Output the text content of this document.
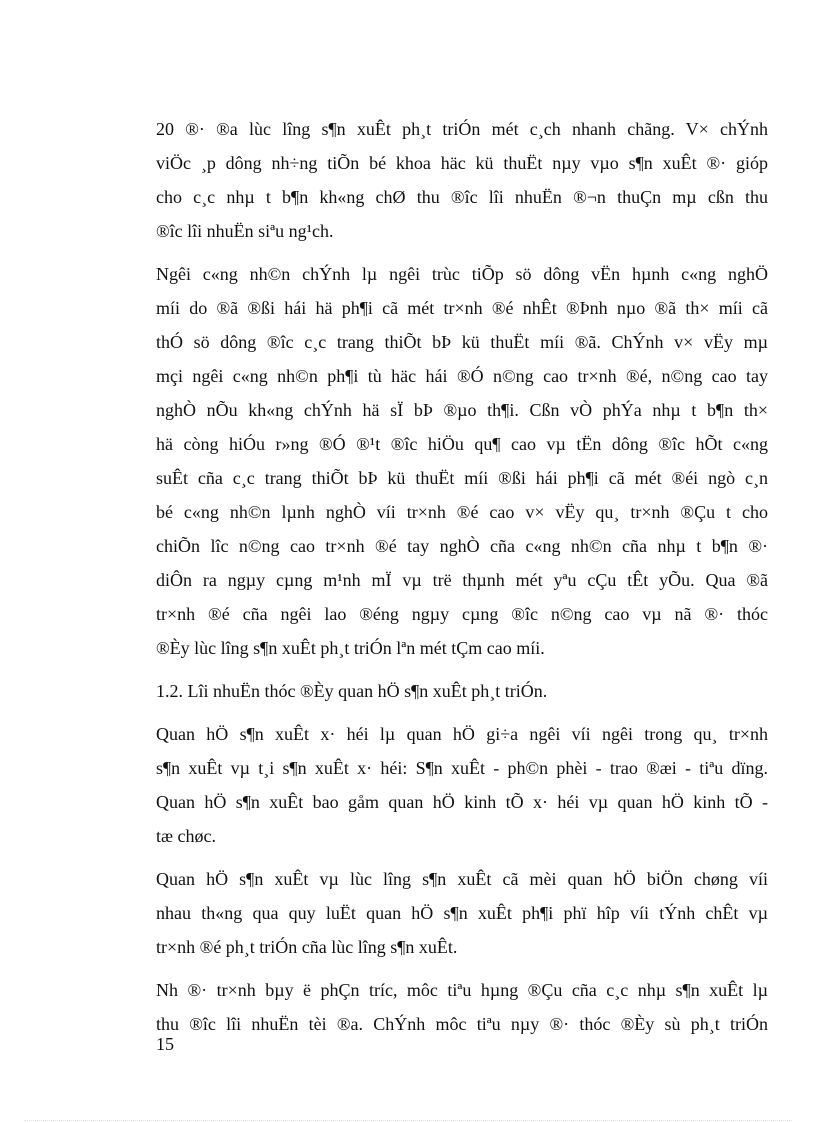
20 ®· ®a lùc lîng s¶n xuÊt ph¸t triÓn mét c¸ch nhanh chãng. V× chÝnh
viÖc ¸p dông nh÷ng tiÕn bé khoa häc kü thuËt nµy vµo s¶n xuÊt ®· gióp
cho c¸c nhµ t b¶n kh«ng chØ thu ®îc lîi nhuËn ®¬n thuÇn mµ cßn thu
®îc lîi nhuËn siªu ng¹ch.
Ngêi c«ng nh©n chÝnh lµ ngêi trùc tiÕp sö dông vËn hµnh c«ng nghÖ
míi do ®ã ®ßi hái hä ph¶i cã mét tr×nh ®é nhÊt ®Þnh nµo ®ã th× míi cã
thÓ sö dông ®îc c¸c trang thiÕt bÞ kü thuËt míi ®ã. ChÝnh v× vËy mµ
mçi ngêi c«ng nh©n ph¶i tù häc hái ®Ó n©ng cao tr×nh ®é, n©ng cao tay
nghÒ nÕu kh«ng chÝnh hä sÏ bÞ ®µo th¶i. Cßn vÒ phÝa nhµ t b¶n th×
hä còng hiÓu r»ng ®Ó ®¹t ®îc hiÖu qu¶ cao vµ tËn dông ®îc hÕt c«ng
suÊt cña c¸c trang thiÕt bÞ kü thuËt míi ®ßi hái ph¶i cã mét ®éi ngò c¸n
bé c«ng nh©n lµnh nghÒ víi tr×nh ®é cao v× vËy qu¸ tr×nh ®Çu t cho
chiÕn lîc n©ng cao tr×nh ®é tay nghÒ cña c«ng nh©n cña nhµ t b¶n ®·
diÔn ra ngµy cµng m¹nh mÏ vµ trë thµnh mét yªu cÇu tÊt yÕu. Qua ®ã
tr×nh ®é cña ngêi lao ®éng ngµy cµng ®îc n©ng cao vµ nã ®· thóc
®Èy lùc lîng s¶n xuÊt ph¸t triÓn lªn mét tÇm cao míi.
1.2. Lîi nhuËn thóc ®Èy quan hÖ s¶n xuÊt ph¸t triÓn.
Quan hÖ s¶n xuÊt x· héi lµ quan hÖ gi÷a ngêi víi ngêi trong qu¸ tr×nh
s¶n xuÊt vµ t¸i s¶n xuÊt x· héi: S¶n xuÊt - ph©n phèi - trao ®æi - tiªu dïng.
Quan hÖ s¶n xuÊt bao gåm quan hÖ kinh tÕ x· héi vµ quan hÖ kinh tÕ -
tæ chøc.
Quan hÖ s¶n xuÊt vµ lùc lîng s¶n xuÊt cã mèi quan hÖ biÖn chøng víi
nhau th«ng qua quy luËt quan hÖ s¶n xuÊt ph¶i phï hîp víi tÝnh chÊt vµ
tr×nh ®é ph¸t triÓn cña lùc lîng s¶n xuÊt.
Nh ®· tr×nh bµy ë phÇn tríc, môc tiªu hµng ®Çu cña c¸c nhµ s¶n xuÊt lµ
thu ®îc lîi nhuËn tèi ®a. ChÝnh môc tiªu nµy ®· thóc ®Èy sù ph¸t triÓn
15
